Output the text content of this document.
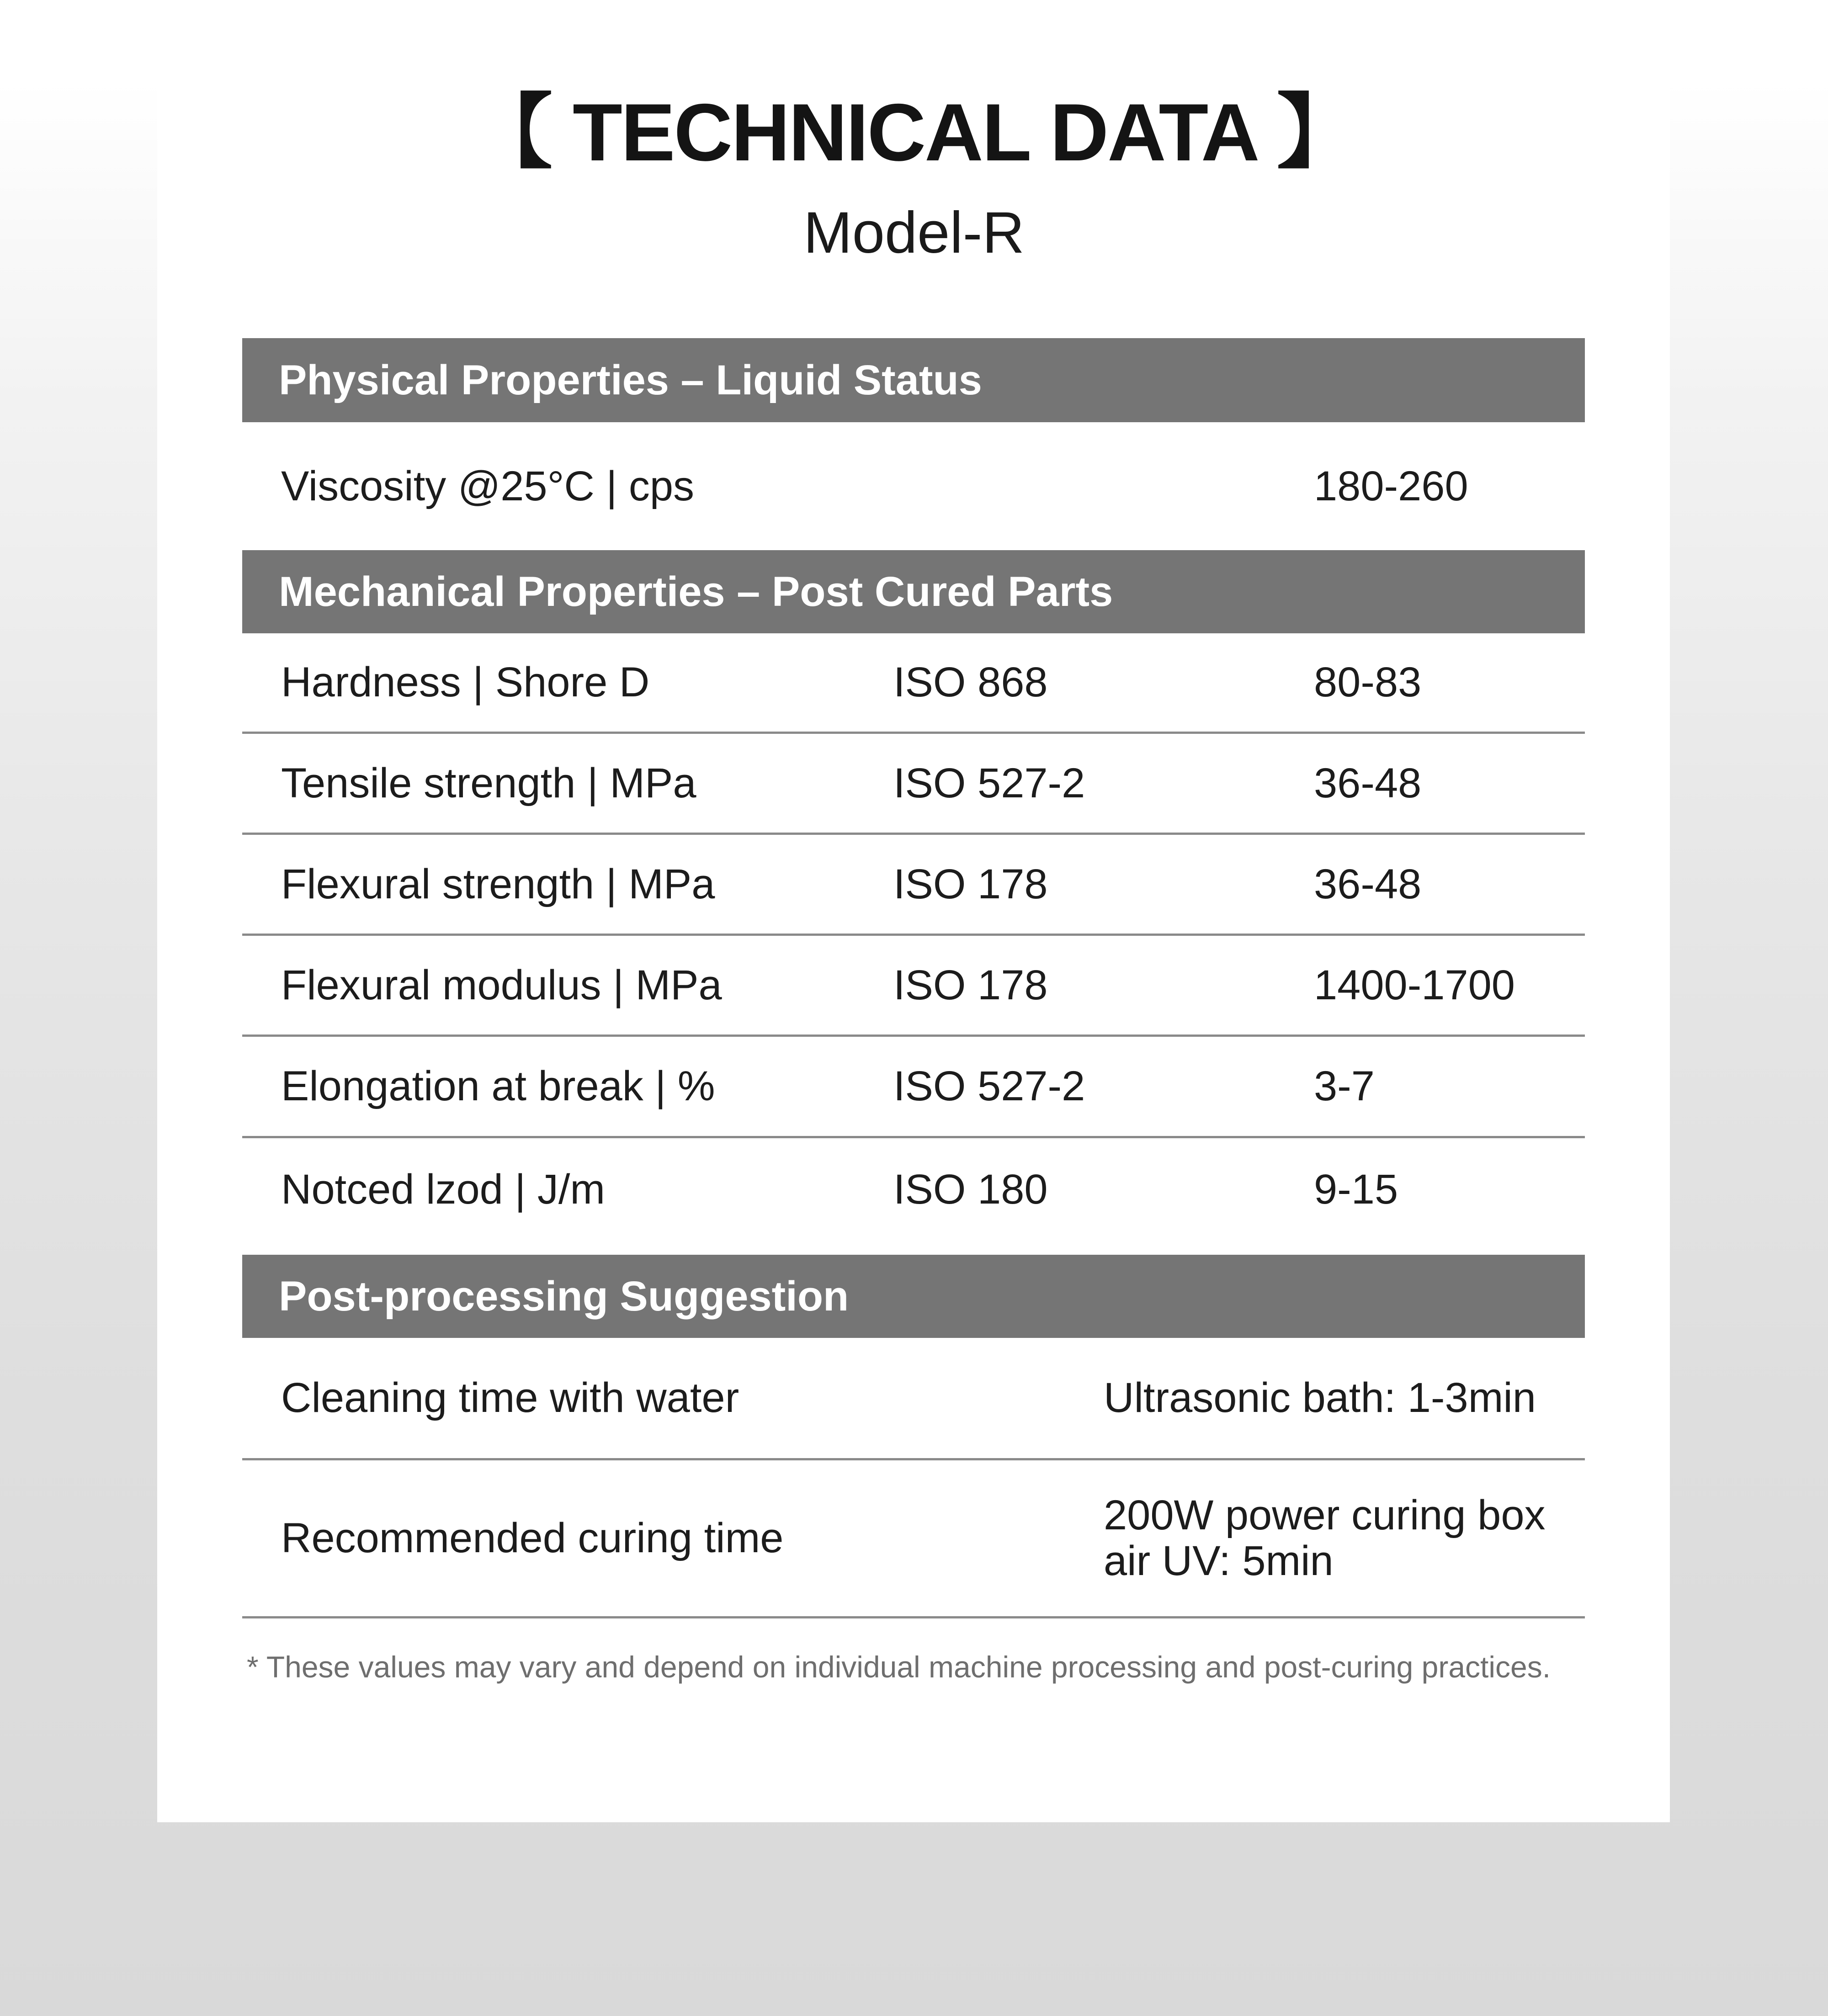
【 TECHNICAL DATA 】
Model-R
Physical Properties – Liquid Status
Viscosity @25°C | cps	180-260
Mechanical Properties – Post Cured Parts
Hardness | Shore D	ISO 868	80-83
Tensile strength | MPa	ISO 527-2	36-48
Flexural strength | MPa	ISO 178	36-48
Flexural modulus | MPa	ISO 178	1400-1700
Elongation at break | %	ISO 527-2	3-7
Notced lzod | J/m	ISO 180	9-15
Post-processing Suggestion
Cleaning time with water	Ultrasonic bath: 1-3min
Recommended curing time	200W power curing box
air UV: 5min
* These values may vary and depend on individual machine processing and post-curing practices.
